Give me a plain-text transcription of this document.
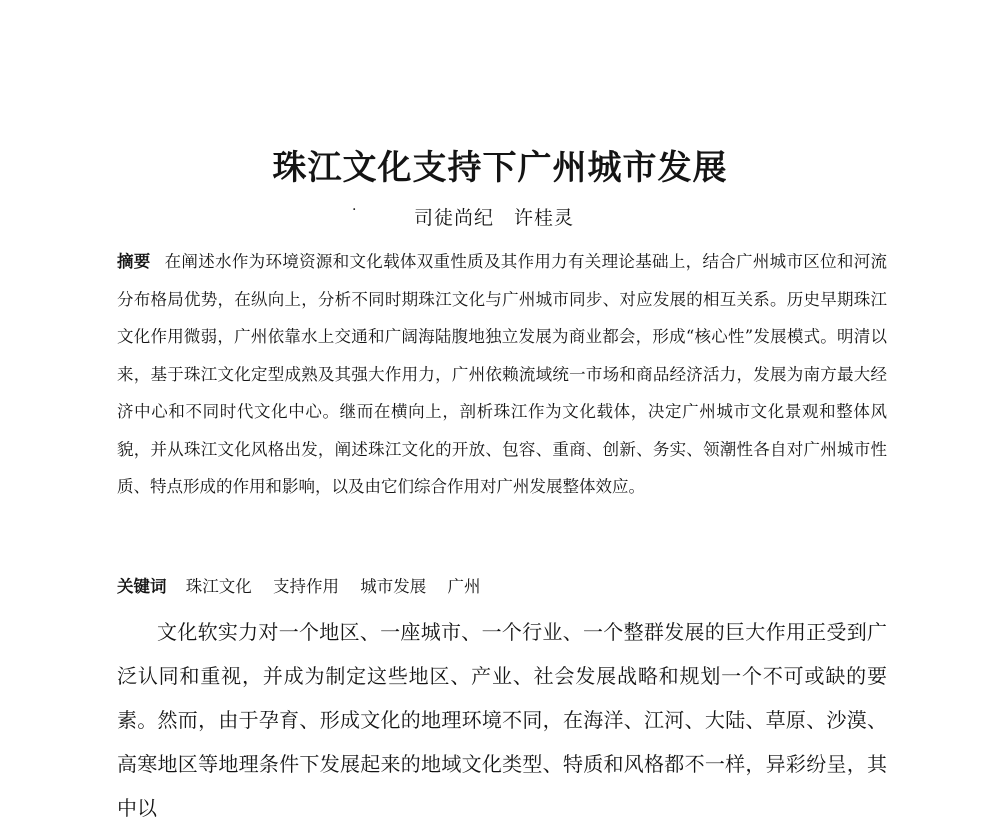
珠江文化支持下广州城市发展
·	司徒尚纪　许桂灵
摘要 在阐述水作为环境资源和文化载体双重性质及其作用力有关理论基础上，结合广州城市区位和河流分布格局优势，在纵向上，分析不同时期珠江文化与广州城市同步、对应发展的相互关系。历史早期珠江文化作用微弱，广州依靠水上交通和广阔海陆腹地独立发展为商业都会，形成“核心性”发展模式。明清以来，基于珠江文化定型成熟及其强大作用力，广州依赖流域统一市场和商品经济活力，发展为南方最大经济中心和不同时代文化中心。继而在横向上，剖析珠江作为文化载体，决定广州城市文化景观和整体风貌，并从珠江文化风格出发，阐述珠江文化的开放、包容、重商、创新、务实、领潮性各自对广州城市性质、特点形成的作用和影响，以及由它们综合作用对广州发展整体效应。
关键词 珠江文化 支持作用 城市发展 广州
文化软实力对一个地区、一座城市、一个行业、一个整群发展的巨大作用正受到广泛认同和重视，并成为制定这些地区、产业、社会发展战略和规划一个不可或缺的要素。然而，由于孕育、形成文化的地理环境不同，在海洋、江河、大陆、草原、沙漠、高寒地区等地理条件下发展起来的地域文化类型、特质和风格都不一样，异彩纷呈，其中以
